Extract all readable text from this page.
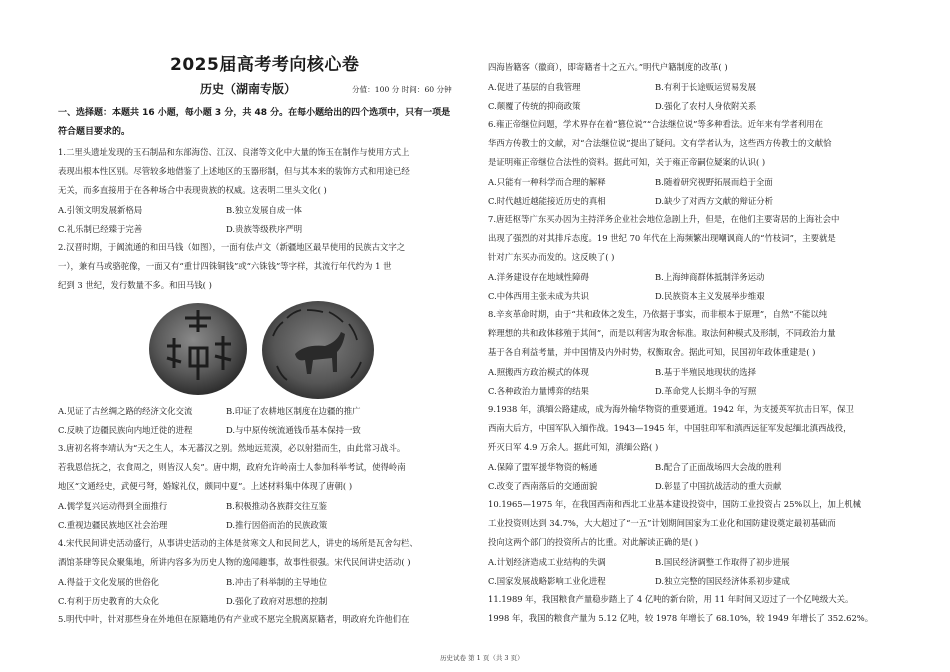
2025届高考考向核心卷
历史（湖南专版）	分值：100 分 时间：60 分钟
一、选择题：本题共 16 小题，每小题 3 分，共 48 分。在每小题给出的四个选项中，只有一项是
符合题目要求的。
1.二里头遗址发现的玉石制品和东部海岱、江汉、良渚等文化中大量的饰玉在制作与使用方式上
表现出根本性区别。尽管较多地借鉴了上述地区的玉器形制，但与其本来的装饰方式和用途已经
无关，而多直接用于在各种场合中表现贵族的权威。这表明二里头文化( )
A.引领文明发展新格局	B.独立发展自成一体
C.礼乐制已经臻于完善	D.贵族等级秩序严明
2.汉晋时期，于阗流通的和田马钱（如图），一面有佉卢文（新疆地区最早使用的民族古文字之
一），兼有马或骆驼像，一面又有“重廿四铢铜钱”或“六铢钱”等字样，其流行年代约为 1 世
纪到 3 世纪，发行数量不多。和田马钱( )
A.见证了古丝绸之路的经济文化交流	B.印证了农耕地区制度在边疆的推广
C.反映了边疆民族向内地迁徙的进程	D.与中原传统流通钱币基本保持一致
3.唐初名将李靖认为“天之生人，本无蕃汉之别。然地远荒漠，必以射猎而生，由此常习战斗。
若我恩信抚之，衣食周之，则皆汉人矣”。唐中期，政府允许岭南士人参加科举考试，使得岭南
地区“文通经史，武便弓弩，婚嫁礼仪，颇同中夏”。上述材料集中体现了唐朝( )
A.儒学复兴运动得到全面推行	B.积极推动各族群交往互鉴
C.重视边疆民族地区社会治理	D.推行因俗而治的民族政策
4.宋代民间讲史活动盛行，从事讲史活动的主体是贫寒文人和民间艺人，讲史的场所是瓦舍勾栏、
酒馆茶肆等民众聚集地，所讲内容多为历史人物的逸闻趣事，故事性很强。宋代民间讲史活动( )
A.得益于文化发展的世俗化	B.冲击了科举制的主导地位
C.有利于历史教育的大众化	D.强化了政府对思想的控制
5.明代中叶，针对那些身在外地但在原籍地仍有产业或不愿完全脱离原籍者，明政府允许他们在
四海皆籍客（徽商），即寄籍者十之五六。”明代户籍制度的改革( )
A.促进了基层的自我管理	B.有利于长途贩运贸易发展
C.颠覆了传统的抑商政策	D.强化了农村人身依附关系
6.雍正帝继位问题，学术界存在着“篡位说”“合法继位说”等多种看法。近年来有学者利用在
华西方传教士的文献，对“合法继位说”提出了疑问。文有学者认为，这些西方传教士的文献恰
是证明雍正帝继位合法性的资料。据此可知，关于雍正帝嗣位疑案的认识( )
A.只能有一种科学而合理的解释	B.随着研究视野拓展而趋于全面
C.时代越近越能接近历史的真相	D.缺少了对西方文献的辩证分析
7.唐廷枢等广东买办因为主持洋务企业社会地位急剧上升，但是，在他们主要寄居的上海社会中
出现了强烈的对其排斥态度。19 世纪 70 年代在上海频繁出现嘲讽商人的“竹枝词”，主要就是
针对广东买办而发的。这反映了( )
A.洋务建设存在地域性障碍	B.上海绅商群体抵制洋务运动
C.中体西用主张未成为共识	D.民族资本主义发展举步维艰
8.辛亥革命时期，由于“共和政体之发生，乃依据于事实，而非根本于原理”，自然“不能以纯
粹理想的共和政体移殖于其间”，而是以利害为取舍标准。取法何种模式及形制，不同政治力量
基于各自利益考量，并中国情及内外时势，权衡取舍。据此可知，民国初年政体重建是( )
A.照搬西方政治模式的体现	B.基于半殖民地现状的选择
C.各种政治力量博弈的结果	D.革命党人长期斗争的写照
9.1938 年，滇缅公路建成，成为海外输华物资的重要通道。1942 年，为支援英军抗击日军，保卫
西南大后方，中国军队入缅作战。1943—1945 年，中国驻印军和滇西远征军发起缅北滇西战役，
歼灭日军 4.9 万余人。据此可知，滇缅公路( )
A.保障了盟军援华物资的畅通	B.配合了正面战场四大会战的胜利
C.改变了西南落后的交通面貌	D.彰显了中国抗战活动的重大贡献
10.1965—1975 年，在我国西南和西北工业基本建设投资中，国防工业投资占 25%以上，加上机械
工业投资则达到 34.7%，大大超过了“一五”计划期间国家为工业化和国防建设奠定最初基础而
投向这两个部门的投资所占的比重。对此解读正确的是( )
A.计划经济造成工业结构的失调	B.国民经济调整工作取得了初步进展
C.国家发展战略影响工业化进程	D.独立完整的国民经济体系初步建成
11.1989 年，我国粮食产量稳步踏上了 4 亿吨的新台阶，用 11 年时间又迈过了一个亿吨级大关。
1998 年，我国的粮食产量为 5.12 亿吨，较 1978 年增长了 68.10%，较 1949 年增长了 352.62%。
历史试卷 第 1 页（共 3 页）
